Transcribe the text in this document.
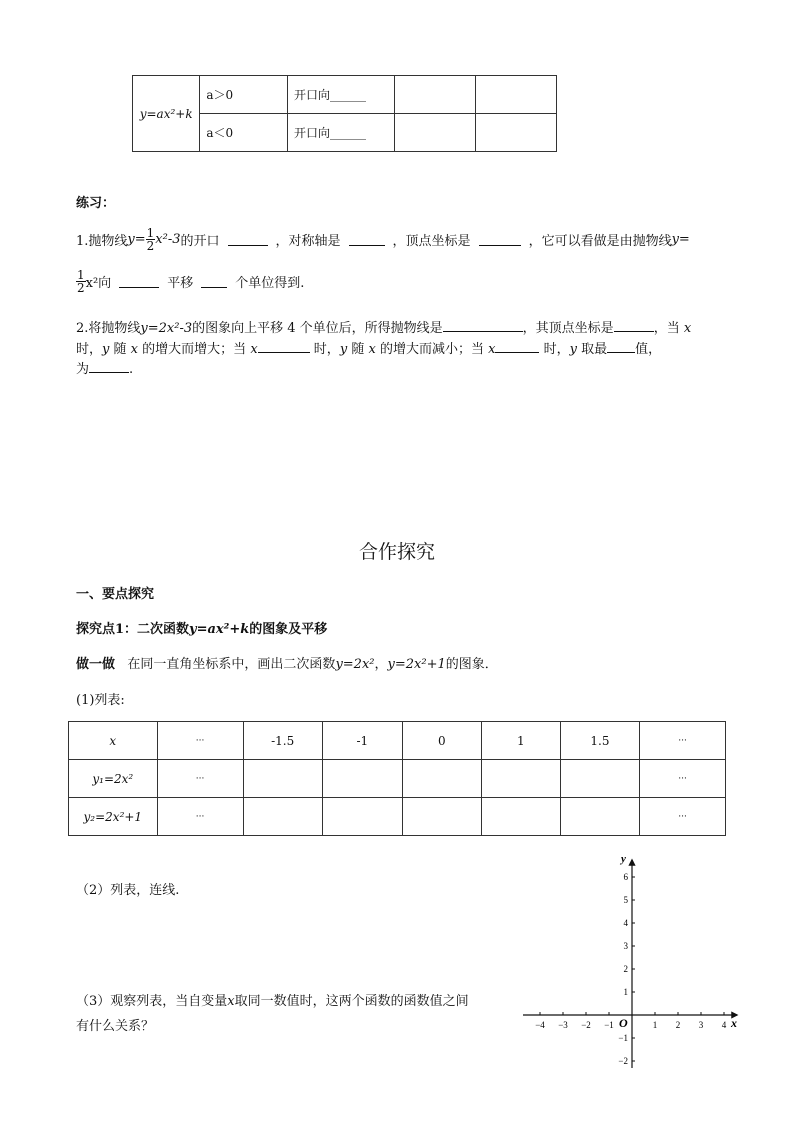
y=ax²+k	a＞0	开口向______		
	a＜0	开口向______		
练习：
1.抛物线 $y= \frac{1}{2} x^2-3$ 的开口	，对称轴是	，顶点坐标是	，它可以看做是由抛物线 y=
$\frac{1}{2} x^2$向	平移	个单位得到.
2.将抛物线y=2x²-3的图象向上平移 4 个单位后，所得抛物线是	，其顶点坐标是	，当 x
时，y 随 x 的增大而增大；当 x	时，y 随 x 的增大而减小；当 x	时，y 取最 值，
为	.
合作探究
一、要点探究
探究点1：二次函数y=ax²+k的图象及平移
做一做 在同一直角坐标系中，画出二次函数y=2x²，y=2x²+1的图象．
(1)列表:
x	···	-1.5	-1	0	1	1.5	···
y₁=2x²	···						···
y₂=2x²+1	···						···
（2）列表，连线.
（3）观察列表，当自变量x取同一数值时，这两个函数的函数值之间
有什么关系？	−4 −3 −2 −1	1 2 3 4
6
5
4
3
2
1
−1
−2
y
x
O
